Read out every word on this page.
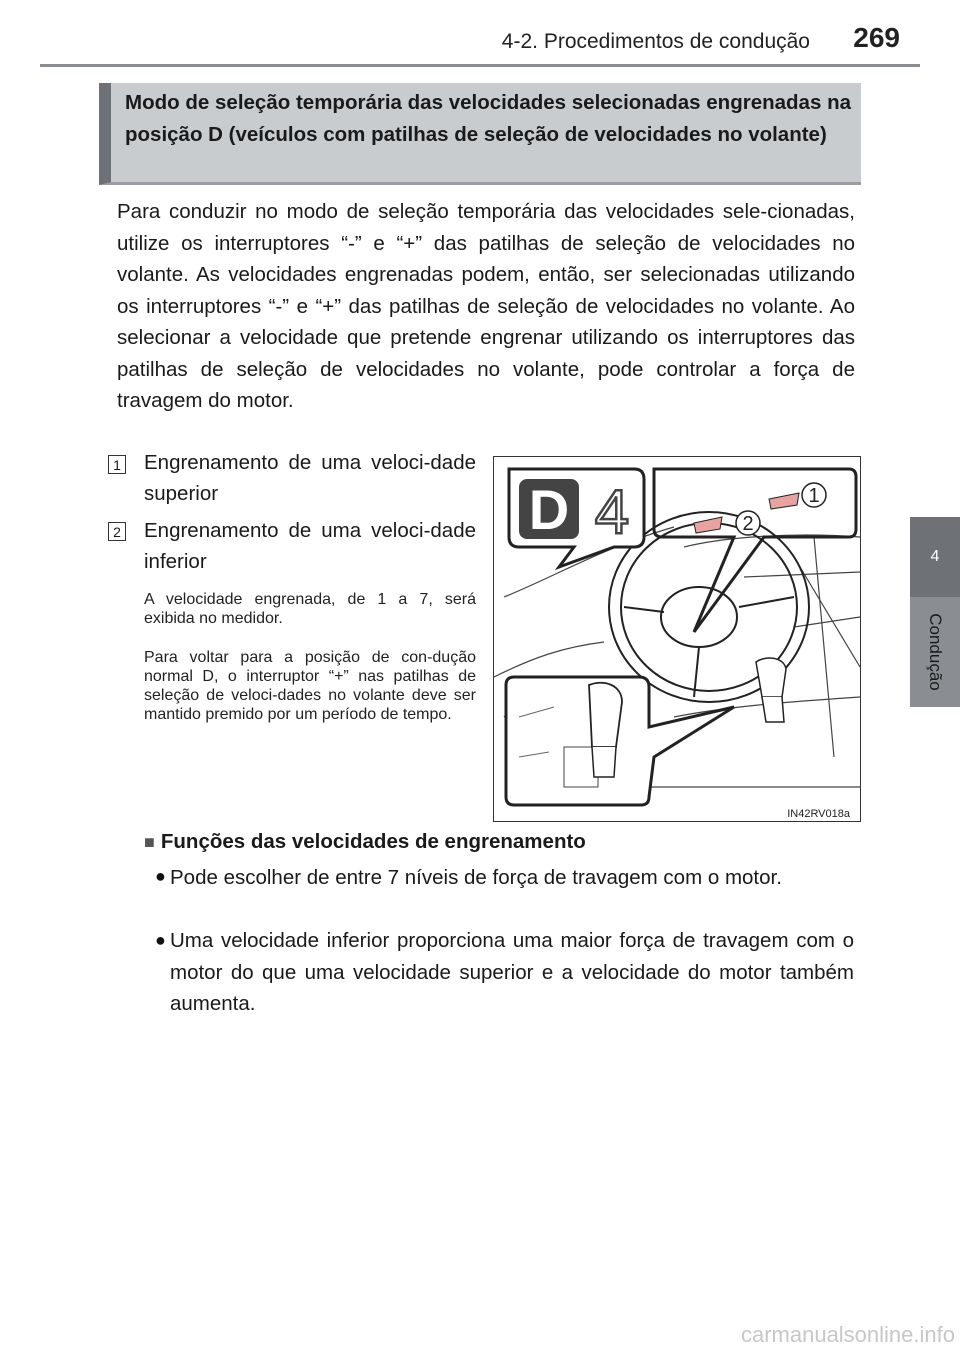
4-2. Procedimentos de condução	269
4
Condução
Modo de seleção temporária das velocidades selecionadas engrenadas na posição D (veículos com patilhas de seleção de velocidades no volante)
Para conduzir no modo de seleção temporária das velocidades sele-cionadas, utilize os interruptores “-” e “+” das patilhas de seleção de velocidades no volante. As velocidades engrenadas podem, então, ser selecionadas utilizando os interruptores “-” e “+” das patilhas de seleção de velocidades no volante. Ao selecionar a velocidade que pretende engrenar utilizando os interruptores das patilhas de seleção de velocidades no volante, pode controlar a força de travagem do motor.
1 Engrenamento de uma veloci-dade superior
2 Engrenamento de uma veloci-dade inferior
A velocidade engrenada, de 1 a 7, será exibida no medidor.
Para voltar para a posição de con-dução normal D, o interruptor “+” nas patilhas de seleção de veloci-dades no volante deve ser mantido premido por um período de tempo.
D 4	1
2
IN42RV018a
■ Funções das velocidades de engrenamento
● Pode escolher de entre 7 níveis de força de travagem com o motor.
● Uma velocidade inferior proporciona uma maior força de travagem com o motor do que uma velocidade superior e a velocidade do motor também aumenta.
carmanualsonline.info
